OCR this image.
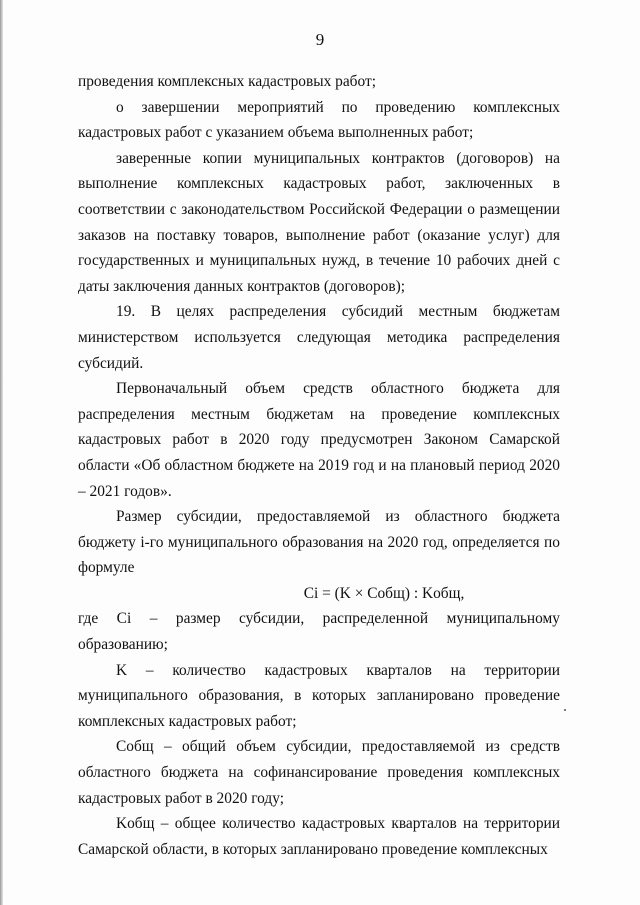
9

проведения комплексных кадастровых работ;

о завершении мероприятий по проведению комплексных кадастровых работ с указанием объема выполненных работ;

заверенные копии муниципальных контрактов (договоров) на выполнение комплексных кадастровых работ, заключенных в соответствии с законодательством Российской Федерации о размещении заказов на поставку товаров, выполнение работ (оказание услуг) для государственных и муниципальных нужд, в течение 10 рабочих дней с даты заключения данных контрактов (договоров);

19. В целях распределения субсидий местным бюджетам министерством используется следующая методика распределения субсидий.

Первоначальный объем средств областного бюджета для распределения местным бюджетам на проведение комплексных кадастровых работ в 2020 году предусмотрен Законом Самарской области «Об областном бюджете на 2019 год и на плановый период 2020 – 2021 годов».

Размер субсидии, предоставляемой из областного бюджета бюджету i-го муниципального образования на 2020 год, определяется по формуле

Ci = (K × Cобщ) : Kобщ,

где Ci – размер субсидии, распределенной муниципальному образованию;

K – количество кадастровых кварталов на территории муниципального образования, в которых запланировано проведение комплексных кадастровых работ;

Cобщ – общий объем субсидии, предоставляемой из средств областного бюджета на софинансирование проведения комплексных кадастровых работ в 2020 году;

Kобщ – общее количество кадастровых кварталов на территории Самарской области, в которых запланировано проведение комплексных
